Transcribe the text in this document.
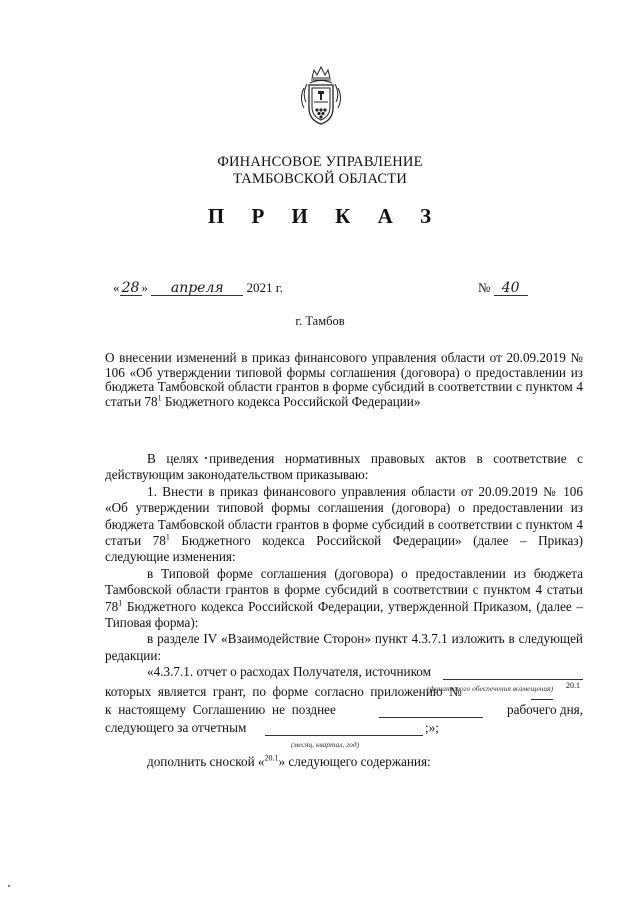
ФИНАНСОВОЕ УПРАВЛЕНИЕ
ТАМБОВСКОЙ ОБЛАСТИ
П Р И К А З
« 28 » апреля 2021 г.	№ 40
г. Тамбов
О внесении изменений в приказ финансового управления области от 20.09.2019 № 106 «Об утверждении типовой формы соглашения (договора) о предоставлении из бюджета Тамбовской области грантов в форме субсидий в соответствии с пунктом 4 статьи $78^1$ Бюджетного кодекса Российской Федерации»
В целях приведения нормативных правовых актов в соответствие с действующим законодательством приказываю:
1. Внести в приказ финансового управления области от 20.09.2019 № 106 «Об утверждении типовой формы соглашения (договора) о предоставлении из бюджета Тамбовской области грантов в форме субсидий в соответствии с пунктом 4 статьи $78^1$ Бюджетного кодекса Российской Федерации» (далее – Приказ) следующие изменения:
в Типовой форме соглашения (договора) о предоставлении из бюджета Тамбовской области грантов в форме субсидий в соответствии с пунктом 4 статьи $78^1$ Бюджетного кодекса Российской Федерации, утвержденной Приказом, (далее – Типовая форма):
в разделе IV «Взаимодействие Сторон» пункт 4.3.7.1 изложить в следующей редакции:
«4.3.7.1. отчет о расходах Получателя, источником
(финансового обеспечения возмещения)
которых является грант, по форме согласно приложению №	20.1
к настоящему Соглашению не позднее	рабочего дня,
следующего за отчетным	;»;
(месяц, квартал, год)
дополнить сноской «$^{20.1}$» следующего содержания:
